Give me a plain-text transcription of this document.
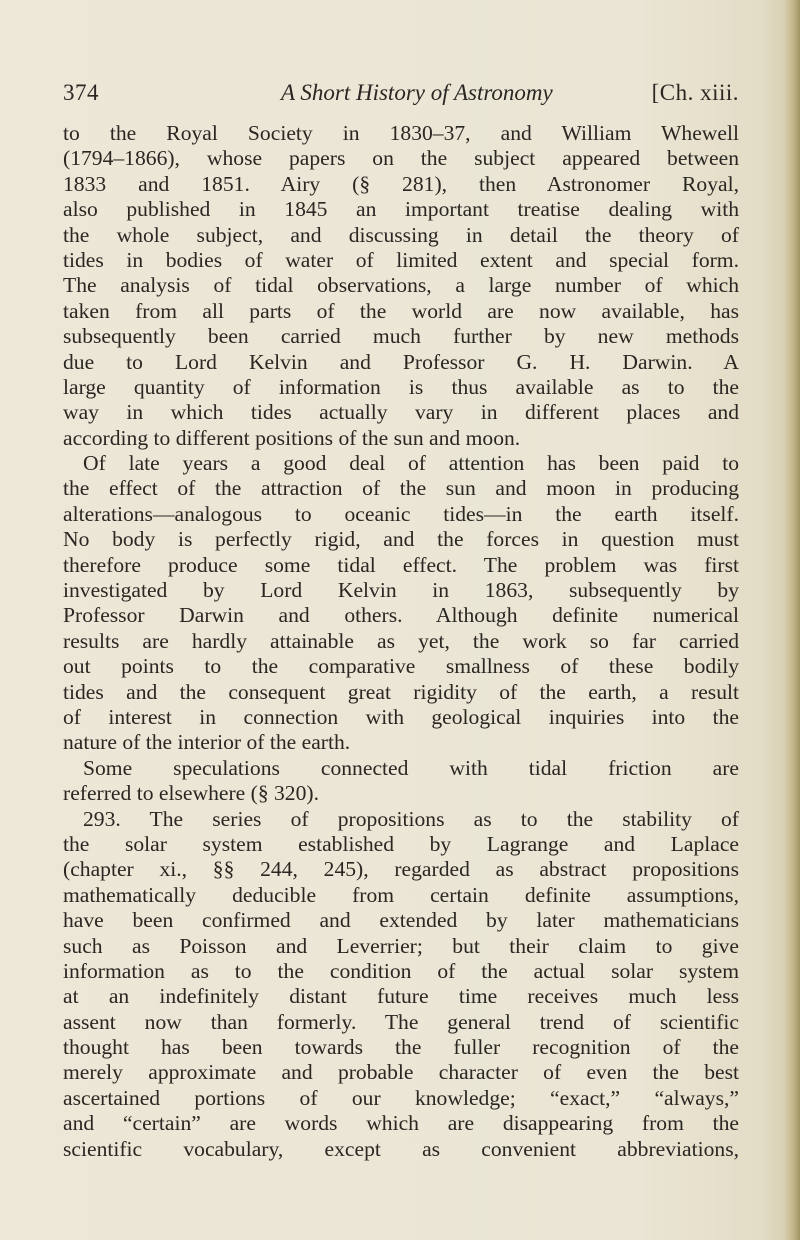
374	A Short History of Astronomy	[Ch. xiii.
to the Royal Society in 1830–37, and William Whewell
(1794–1866), whose papers on the subject appeared between
1833 and 1851. Airy (§ 281), then Astronomer Royal,
also published in 1845 an important treatise dealing with
the whole subject, and discussing in detail the theory of
tides in bodies of water of limited extent and special form.
The analysis of tidal observations, a large number of which
taken from all parts of the world are now available, has
subsequently been carried much further by new methods
due to Lord Kelvin and Professor G. H. Darwin. A
large quantity of information is thus available as to the
way in which tides actually vary in different places and
according to different positions of the sun and moon.
Of late years a good deal of attention has been paid to
the effect of the attraction of the sun and moon in producing
alterations—analogous to oceanic tides—in the earth itself.
No body is perfectly rigid, and the forces in question must
therefore produce some tidal effect. The problem was first
investigated by Lord Kelvin in 1863, subsequently by
Professor Darwin and others. Although definite numerical
results are hardly attainable as yet, the work so far carried
out points to the comparative smallness of these bodily
tides and the consequent great rigidity of the earth, a result
of interest in connection with geological inquiries into the
nature of the interior of the earth.
Some speculations connected with tidal friction are
referred to elsewhere (§ 320).
293. The series of propositions as to the stability of
the solar system established by Lagrange and Laplace
(chapter xi., §§ 244, 245), regarded as abstract propositions
mathematically deducible from certain definite assumptions,
have been confirmed and extended by later mathematicians
such as Poisson and Leverrier; but their claim to give
information as to the condition of the actual solar system
at an indefinitely distant future time receives much less
assent now than formerly. The general trend of scientific
thought has been towards the fuller recognition of the
merely approximate and probable character of even the best
ascertained portions of our knowledge; “exact,” “always,”
and “certain” are words which are disappearing from the
scientific vocabulary, except as convenient abbreviations,
